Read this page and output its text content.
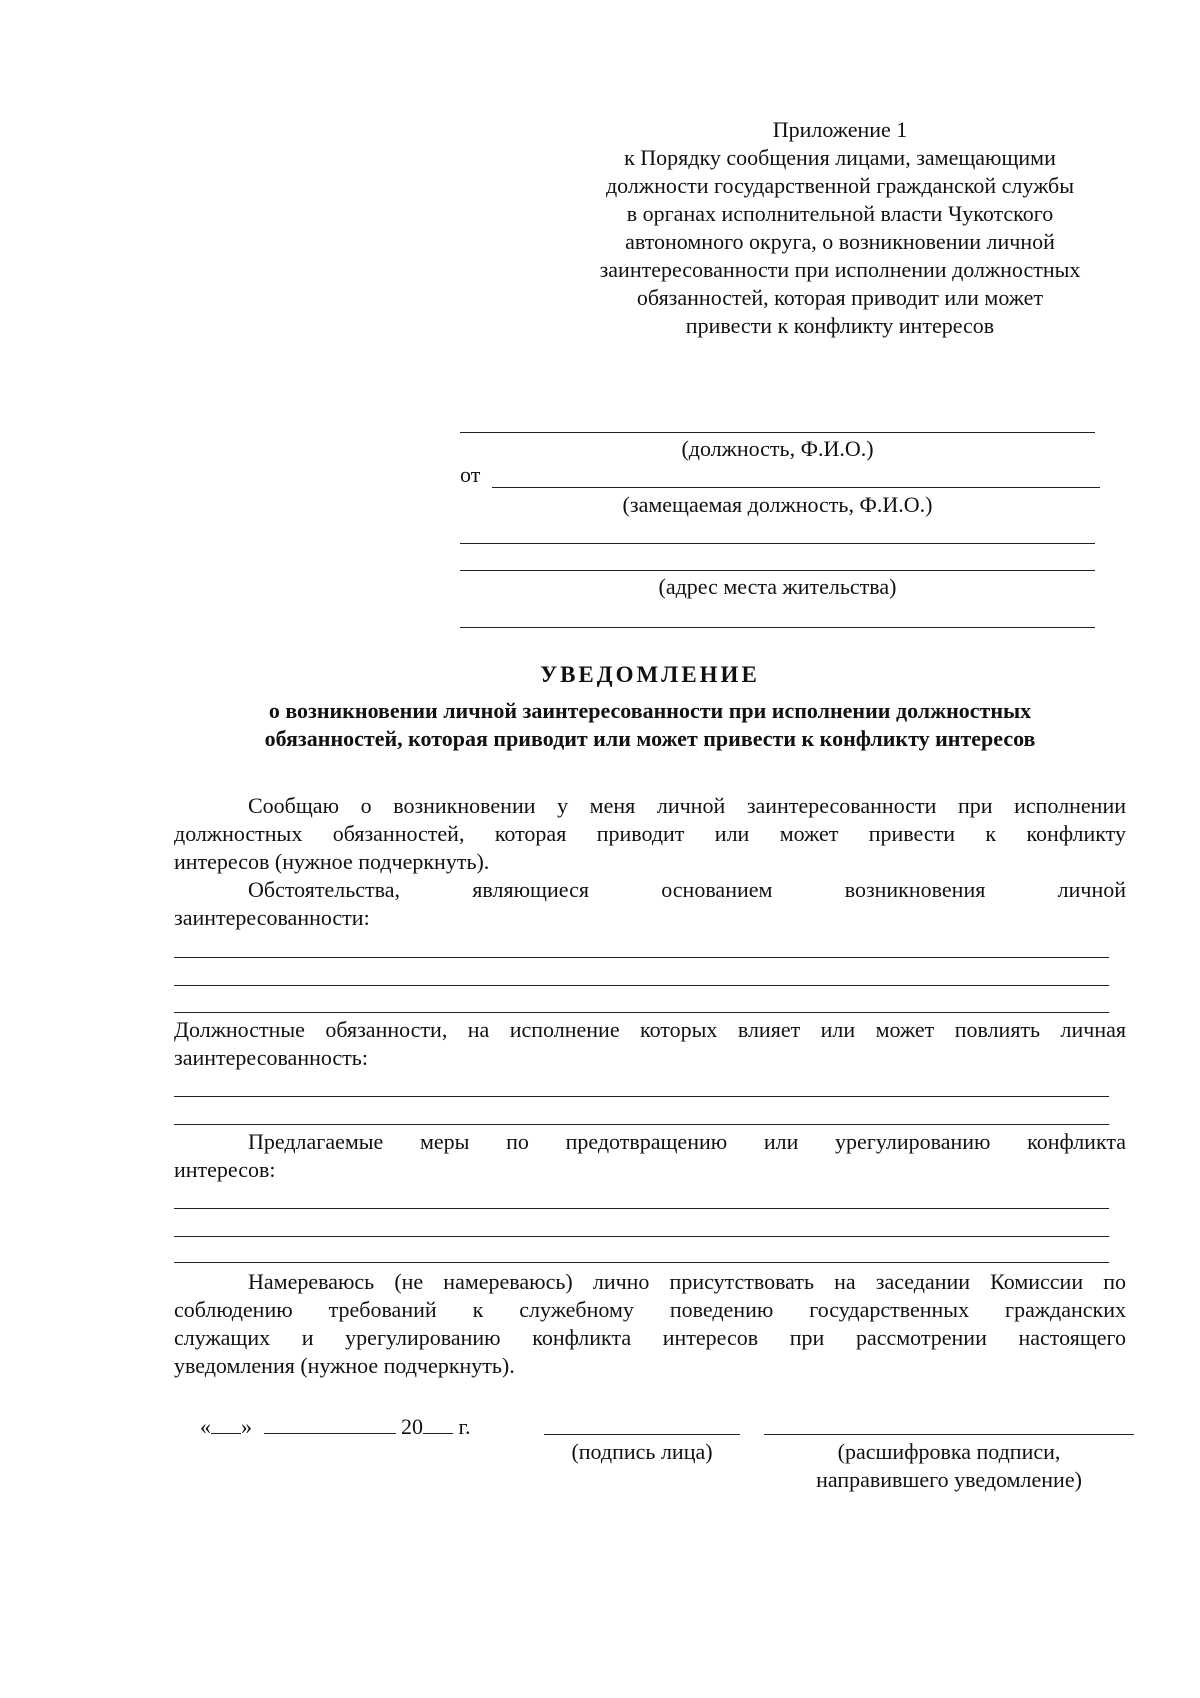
Приложение 1
к Порядку сообщения лицами, замещающими
должности государственной гражданской службы
в органах исполнительной власти Чукотского
автономного округа, о возникновении личной
заинтересованности при исполнении должностных
обязанностей, которая приводит или может
привести к конфликту интересов
(должность, Ф.И.О.)
от
(замещаемая должность, Ф.И.О.)
(адрес места жительства)
УВЕДОМЛЕНИЕ
о возникновении личной заинтересованности при исполнении должностных
обязанностей, которая приводит или может привести к конфликту интересов
Сообщаю о возникновении у меня личной заинтересованности при исполнении
должностных обязанностей, которая приводит или может привести к конфликту
интересов (нужное подчеркнуть).
Обстоятельства, являющиеся основанием возникновения личной
заинтересованности:
Должностные обязанности, на исполнение которых влияет или может повлиять личная
заинтересованность:
Предлагаемые меры по предотвращению или урегулированию конфликта
интересов:
Намереваюсь (не намереваюсь) лично присутствовать на заседании Комиссии по
соблюдению требований к служебному поведению государственных гражданских
служащих и урегулированию конфликта интересов при рассмотрении настоящего
уведомления (нужное подчеркнуть).
« »	20 г.
(подпись лица)	(расшифровка подписи,
направившего уведомление)
